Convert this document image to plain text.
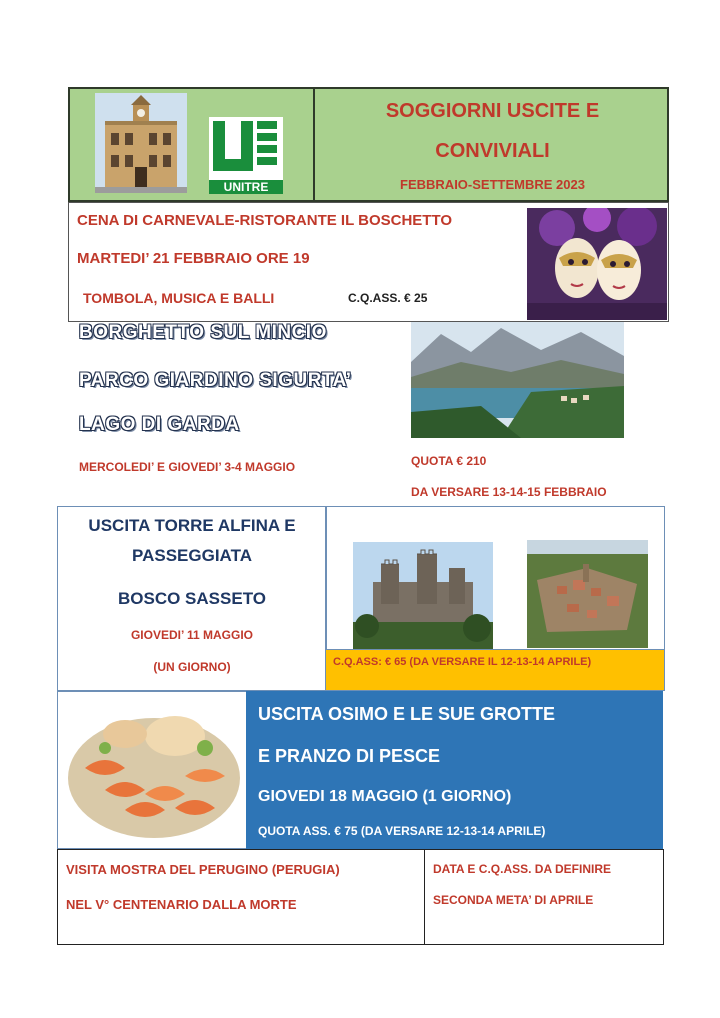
UNITRE
SOGGIORNI USCITE E
CONVIVIALI
FEBBRAIO-SETTEMBRE 2023
CENA DI CARNEVALE-RISTORANTE IL BOSCHETTO
MARTEDI’ 21 FEBBRAIO ORE 19
TOMBOLA, MUSICA E BALLI	C.Q.ASS. € 25
BORGHETTO SUL MINCIO
PARCO GIARDINO SIGURTA’
LAGO DI GARDA
MERCOLEDI’ E GIOVEDI’ 3-4 MAGGIO	QUOTA € 210
DA VERSARE 13-14-15 FEBBRAIO
USCITA TORRE ALFINA E
PASSEGGIATA
BOSCO SASSETO
GIOVEDI’ 11 MAGGIO
(UN GIORNO)	C.Q.ASS: € 65 (DA VERSARE IL 12-13-14 APRILE)
USCITA OSIMO E LE SUE GROTTE
E PRANZO DI PESCE
GIOVEDI 18 MAGGIO (1 GIORNO)
QUOTA ASS. € 75 (DA VERSARE 12-13-14 APRILE)
VISITA MOSTRA DEL PERUGINO (PERUGIA)
NEL V° CENTENARIO DALLA MORTE
DATA E C.Q.ASS. DA DEFINIRE
SECONDA META’ DI APRILE
